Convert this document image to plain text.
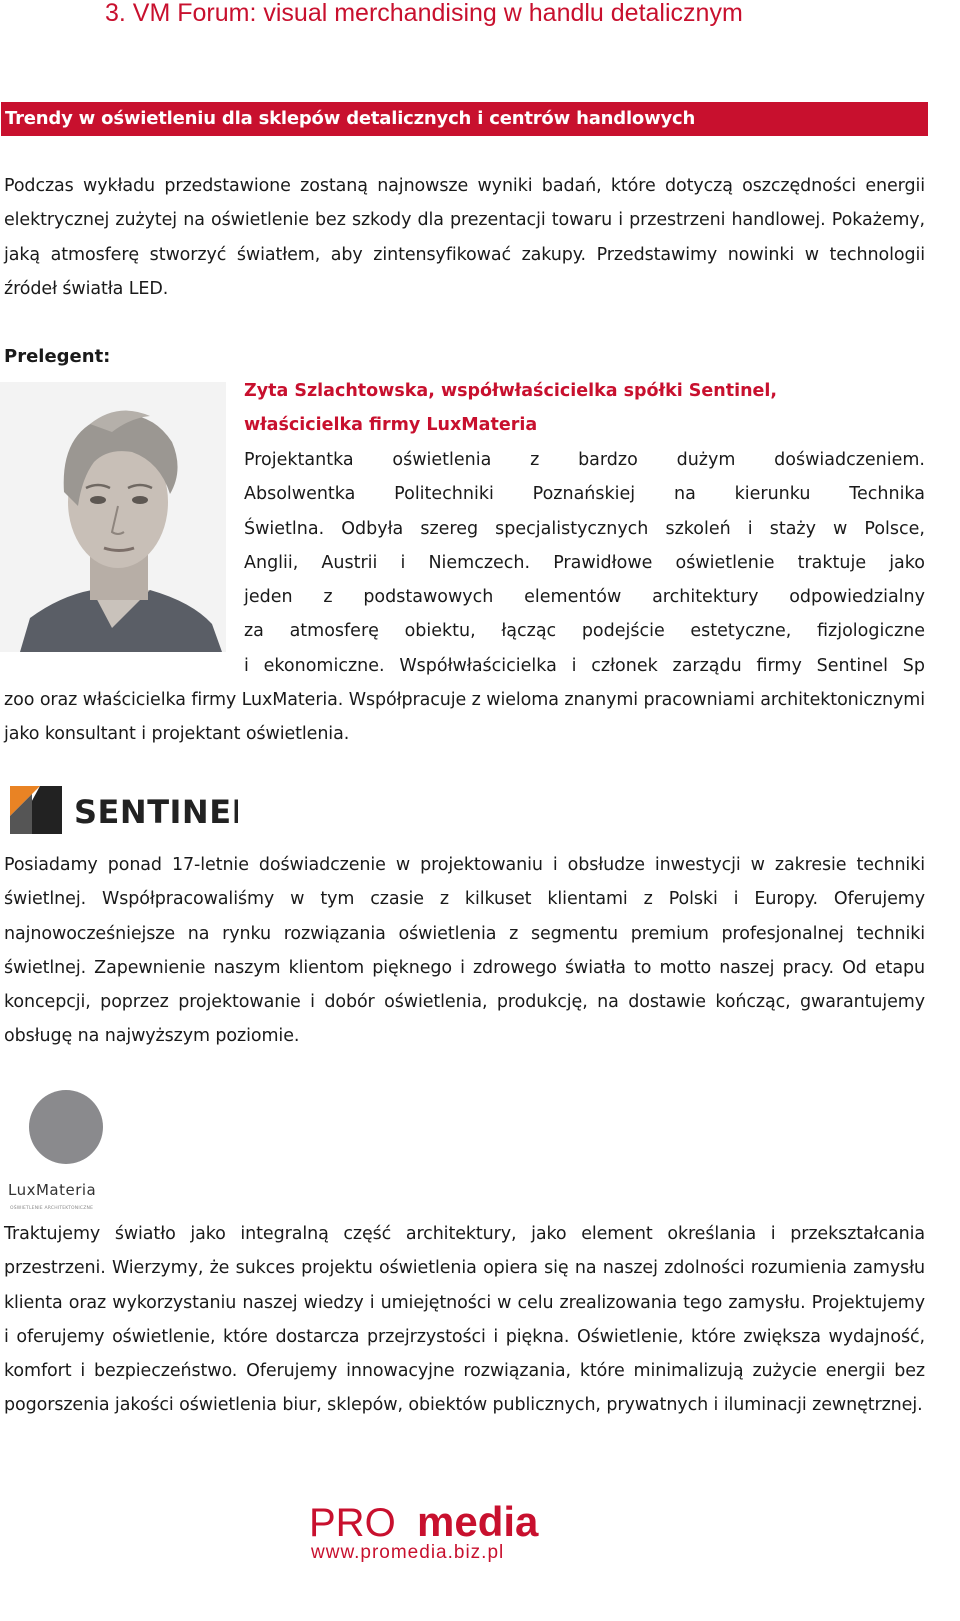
3. VM Forum: visual merchandising w handlu detalicznym
Trendy w oświetleniu dla sklepów detalicznych i centrów handlowych

Podczas wykładu przedstawione zostaną najnowsze wyniki badań, które dotyczą oszczędności energii elektrycznej zużytej na oświetlenie bez szkody dla prezentacji towaru i przestrzeni handlowej. Pokażemy, jaką atmosferę stworzyć światłem, aby zintensyfikować zakupy. Przedstawimy nowinki w technologii źródeł światła LED.

Prelegent:

Zyta Szlachtowska, współwłaścicielka spółki Sentinel,
właścicielka firmy LuxMateria

Projektantka oświetlenia z bardzo dużym doświadczeniem.
Absolwentka Politechniki Poznańskiej na kierunku Technika
Świetlna. Odbyła szereg specjalistycznych szkoleń i staży w Polsce,
Anglii, Austrii i Niemczech. Prawidłowe oświetlenie traktuje jako
jeden z podstawowych elementów architektury odpowiedzialny
za atmosferę obiektu, łącząc podejście estetyczne, fizjologiczne
i ekonomiczne. Współwłaścicielka i członek zarządu firmy Sentinel Sp

zoo oraz właścicielka firmy LuxMateria. Współpracuje z wieloma znanymi pracowniami architektonicznymi jako konsultant i projektant oświetlenia.

SENTINEL

Posiadamy ponad 17-letnie doświadczenie w projektowaniu i obsłudze inwestycji w zakresie techniki świetlnej. Współpracowaliśmy w tym czasie z kilkuset klientami z Polski i Europy. Oferujemy najnowocześniejsze na rynku rozwiązania oświetlenia z segmentu premium profesjonalnej techniki świetlnej. Zapewnienie naszym klientom pięknego i zdrowego światła to motto naszej pracy. Od etapu koncepcji, poprzez projektowanie i dobór oświetlenia, produkcję, na dostawie kończąc, gwarantujemy obsługę na najwyższym poziomie.

LuxMateria
OŚWIETLENIE ARCHITEKTONICZNE

Traktujemy światło jako integralną część architektury, jako element określania i przekształcania przestrzeni. Wierzymy, że sukces projektu oświetlenia opiera się na naszej zdolności rozumienia zamysłu klienta oraz wykorzystaniu naszej wiedzy i umiejętności w celu zrealizowania tego zamysłu. Projektujemy i oferujemy oświetlenie, które dostarcza przejrzystości i piękna. Oświetlenie, które zwiększa wydajność, komfort i bezpieczeństwo. Oferujemy innowacyjne rozwiązania, które minimalizują zużycie energii bez pogorszenia jakości oświetlenia biur, sklepów, obiektów publicznych, prywatnych i iluminacji zewnętrznej.

PRO media
www.promedia.biz.pl
